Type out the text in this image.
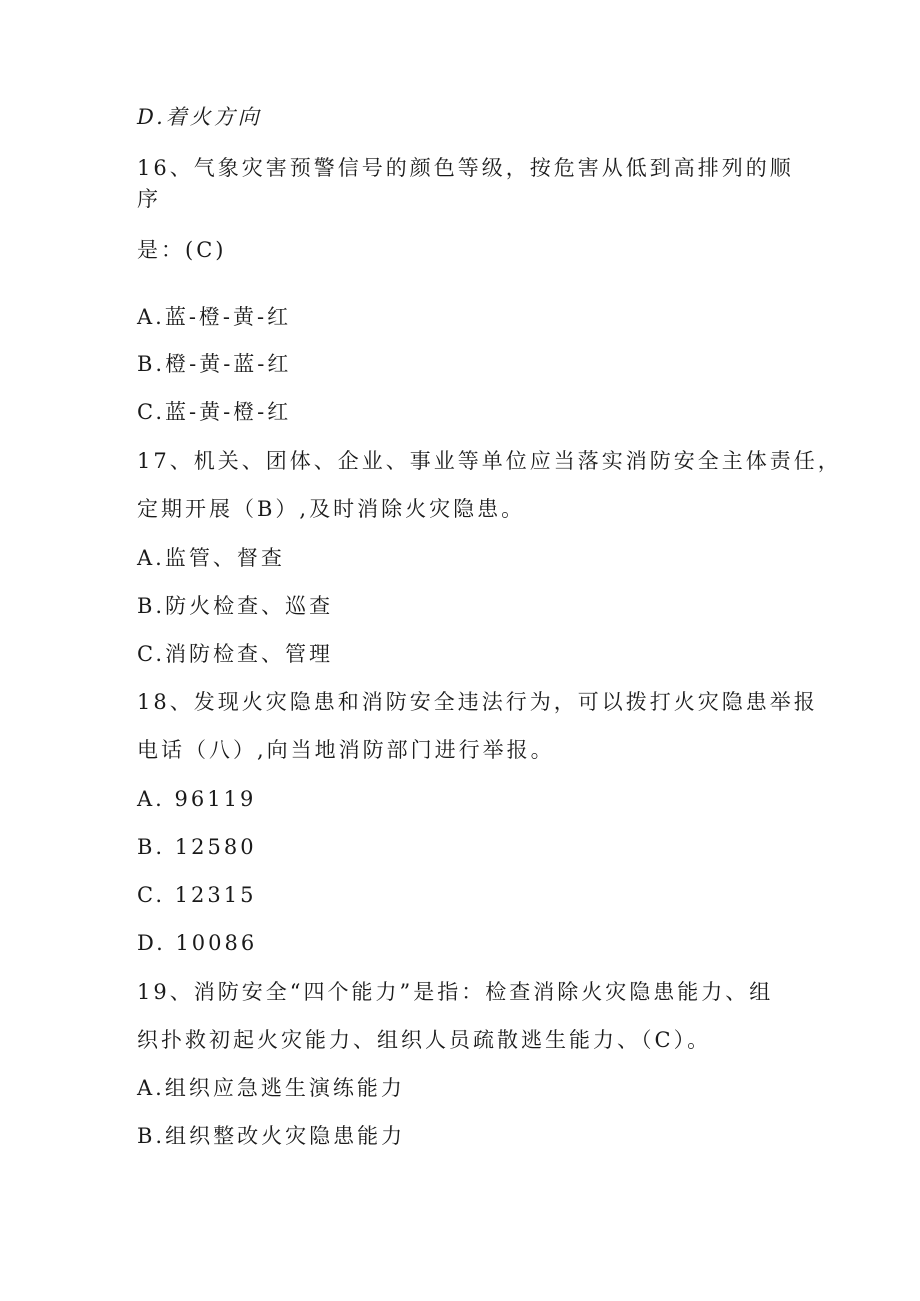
D.着火方向
16、气象灾害预警信号的颜色等级，按危害从低到高排列的顺
序
是：(C)
A.蓝-橙-黄-红
B.橙-黄-蓝-红
C.蓝-黄-橙-红
17、机关、团体、企业、事业等单位应当落实消防安全主体责任，
定期开展（B）,及时消除火灾隐患。
A.监管、督查
B.防火检查、巡查
C.消防检查、管理
18、发现火灾隐患和消防安全违法行为，可以拨打火灾隐患举报
电话（八）,向当地消防部门进行举报。
A. 96119
B. 12580
C. 12315
D. 10086
19、消防安全“四个能力”是指：检查消除火灾隐患能力、组
织扑救初起火灾能力、组织人员疏散逃生能力、（C）。
A.组织应急逃生演练能力
B.组织整改火灾隐患能力
